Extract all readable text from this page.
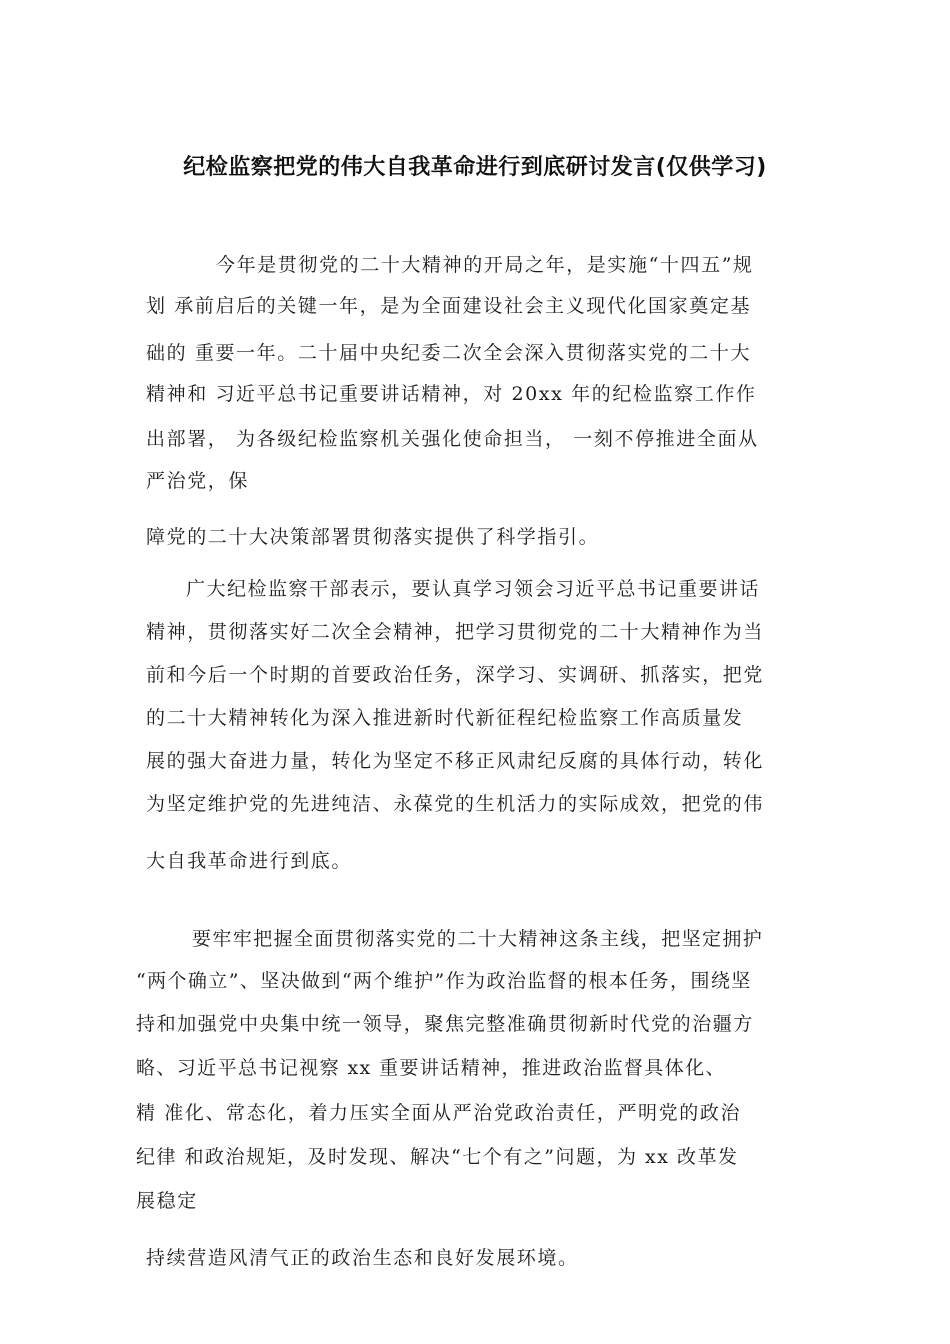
纪检监察把党的伟大自我革命进行到底研讨发言(仅供学习)
今年是贯彻党的二十大精神的开局之年，是实施“十四五”规
划 承前启后的关键一年，是为全面建设社会主义现代化国家奠定基
础的 重要一年。二十届中央纪委二次全会深入贯彻落实党的二十大
精神和 习近平总书记重要讲话精神，对 20xx 年的纪检监察工作作
出部署， 为各级纪检监察机关强化使命担当， 一刻不停推进全面从
严治党，保
障党的二十大决策部署贯彻落实提供了科学指引。
广大纪检监察干部表示，要认真学习领会习近平总书记重要讲话
精神，贯彻落实好二次全会精神，把学习贯彻党的二十大精神作为当
前和今后一个时期的首要政治任务，深学习、实调研、抓落实，把党
的二十大精神转化为深入推进新时代新征程纪检监察工作高质量发
展的强大奋进力量，转化为坚定不移正风肃纪反腐的具体行动，转化
为坚定维护党的先进纯洁、永葆党的生机活力的实际成效，把党的伟
大自我革命进行到底。
要牢牢把握全面贯彻落实党的二十大精神这条主线，把坚定拥护
“两个确立”、坚决做到“两个维护”作为政治监督的根本任务，围绕坚
持和加强党中央集中统一领导，聚焦完整准确贯彻新时代党的治疆方
略、习近平总书记视察 xx 重要讲话精神，推进政治监督具体化、
精 准化、常态化，着力压实全面从严治党政治责任，严明党的政治
纪律 和政治规矩，及时发现、解决“七个有之”问题，为 xx 改革发
展稳定
持续营造风清气正的政治生态和良好发展环境。
